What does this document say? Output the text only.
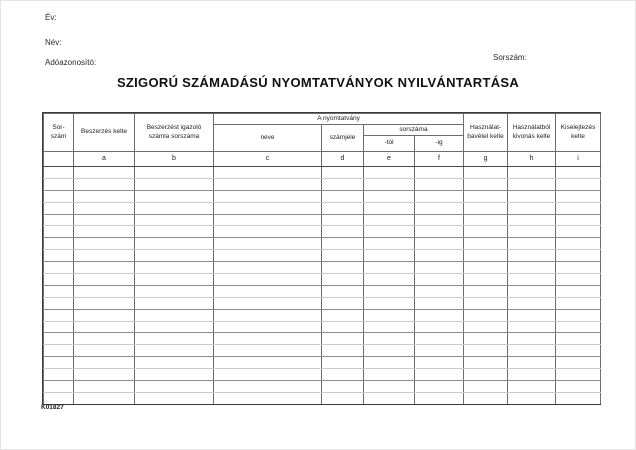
Év:
Név:
Adóazonosító:
Sorszám:
SZIGORÚ SZÁMADÁSÚ NYOMTATVÁNYOK NYILVÁNTARTÁSA
Sor-szám	Beszerzés kelte	Beszerzést igazoló számla sorszáma	A nyomtatvány				Használat-bavétel kelte	Használatból kivonás kelte	Kiselejtezés kelte
			neve	számjele	sorszáma				
					-tól	-ig			
	a	b	c	d	e	f	g	h	i

K01827
